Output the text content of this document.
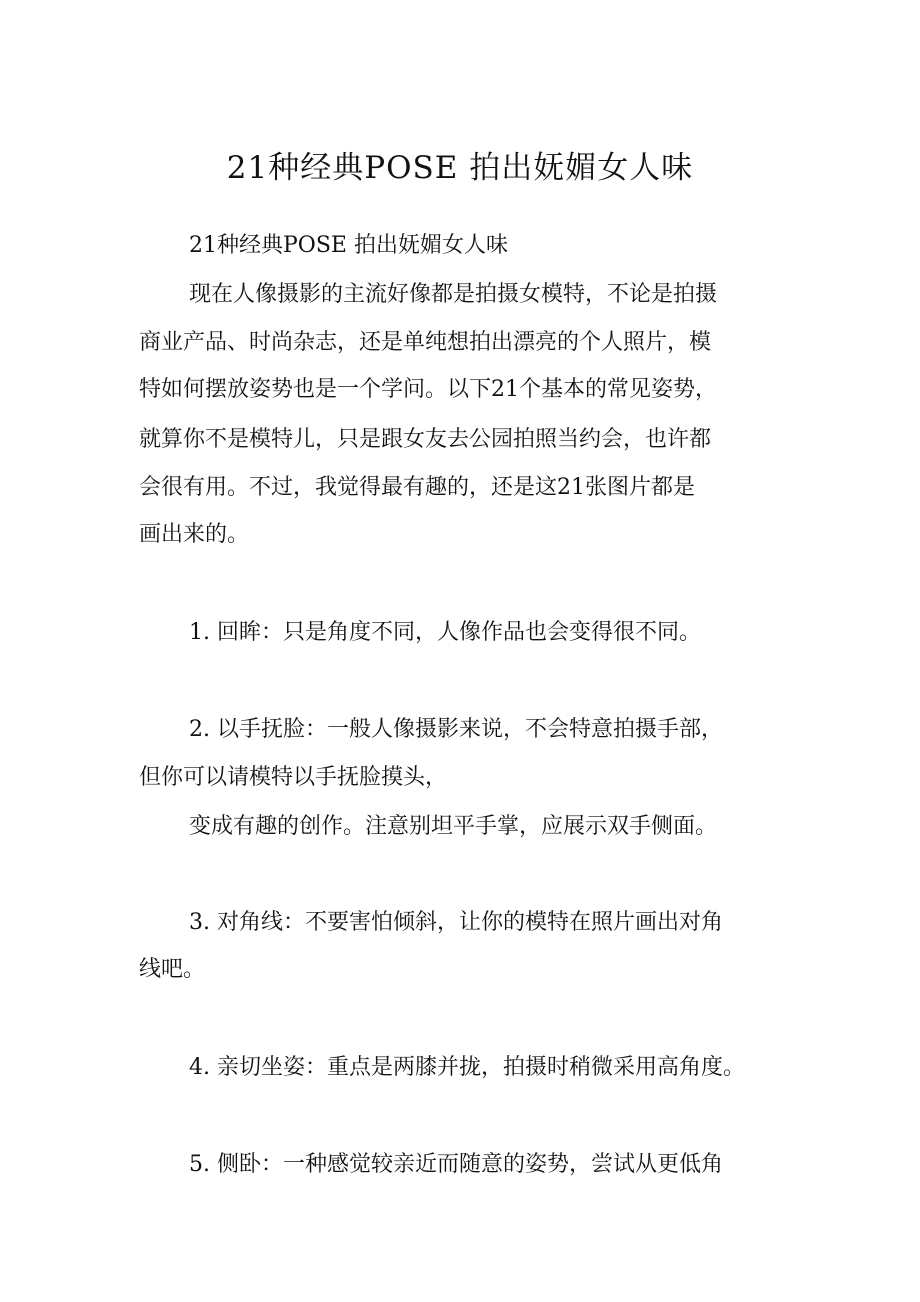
21种经典POSE 拍出妩媚女人味

21种经典POSE 拍出妩媚女人味

现在人像摄影的主流好像都是拍摄女模特，不论是拍摄

商业产品、时尚杂志，还是单纯想拍出漂亮的个人照片，模

特如何摆放姿势也是一个学问。以下21个基本的常见姿势，

就算你不是模特儿，只是跟女友去公园拍照当约会，也许都

会很有用。不过，我觉得最有趣的，还是这21张图片都是

画出来的。

1. 回眸：只是角度不同，人像作品也会变得很不同。

2. 以手抚脸：一般人像摄影来说，不会特意拍摄手部，

但你可以请模特以手抚脸摸头，

变成有趣的创作。注意别坦平手掌，应展示双手侧面。

3. 对角线：不要害怕倾斜，让你的模特在照片画出对角

线吧。

4. 亲切坐姿：重点是两膝并拢，拍摄时稍微采用高角度。

5. 侧卧：一种感觉较亲近而随意的姿势，尝试从更低角
